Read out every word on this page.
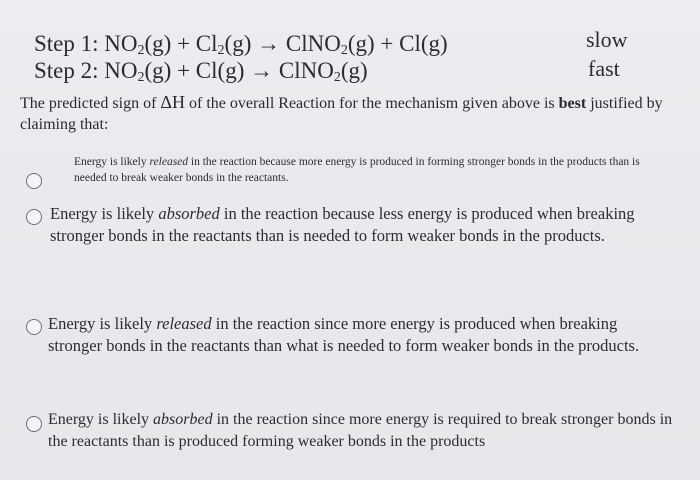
Step 1: $NO_2(g) + Cl_2(g)$ → ClNO$_2$(g) + Cl(g)	slow
Step 2: $NO_2(g) + Cl(g)$ → ClNO$_2$(g)	fast
The predicted sign of ΔH of the overall Reaction for the mechanism given above is best justified by claiming that:
Energy is likely released in the reaction because more energy is produced in forming stronger bonds in the products than is needed to break weaker bonds in the reactants.
Energy is likely absorbed in the reaction because less energy is produced when breaking stronger bonds in the reactants than is needed to form weaker bonds in the products.
Energy is likely released in the reaction since more energy is produced when breaking stronger bonds in the reactants than what is needed to form weaker bonds in the products.
Energy is likely absorbed in the reaction since more energy is required to break stronger bonds in the reactants than is produced forming weaker bonds in the products
